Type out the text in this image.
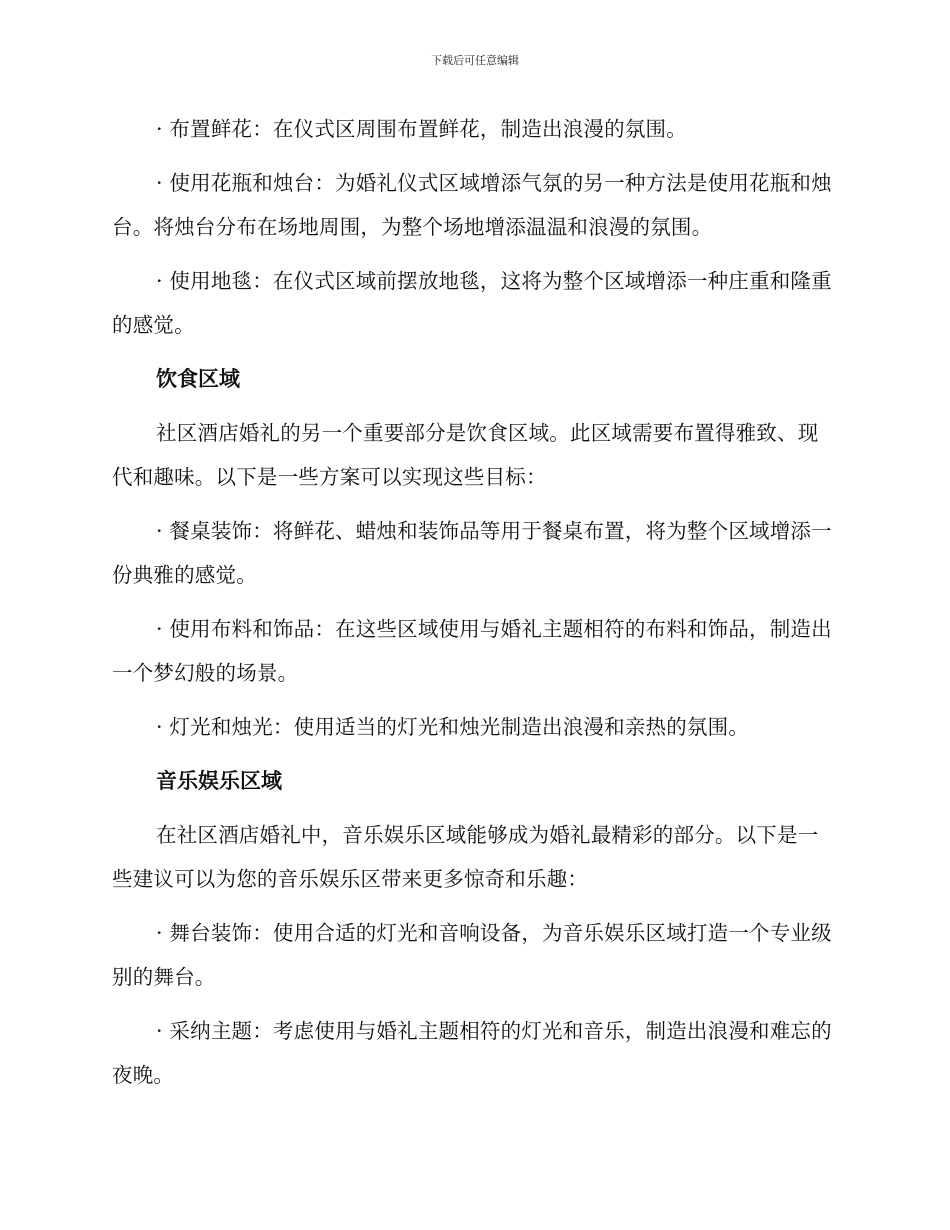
下载后可任意编辑

· 布置鲜花：在仪式区周围布置鲜花，制造出浪漫的氛围。

· 使用花瓶和烛台：为婚礼仪式区域增添气氛的另一种方法是使用花瓶和烛台。将烛台分布在场地周围，为整个场地增添温温和浪漫的氛围。

· 使用地毯：在仪式区域前摆放地毯，这将为整个区域增添一种庄重和隆重的感觉。

饮食区域

社区酒店婚礼的另一个重要部分是饮食区域。此区域需要布置得雅致、现代和趣味。以下是一些方案可以实现这些目标：

· 餐桌装饰：将鲜花、蜡烛和装饰品等用于餐桌布置，将为整个区域增添一份典雅的感觉。

· 使用布料和饰品：在这些区域使用与婚礼主题相符的布料和饰品，制造出一个梦幻般的场景。

· 灯光和烛光：使用适当的灯光和烛光制造出浪漫和亲热的氛围。

音乐娱乐区域

在社区酒店婚礼中，音乐娱乐区域能够成为婚礼最精彩的部分。以下是一些建议可以为您的音乐娱乐区带来更多惊奇和乐趣：

· 舞台装饰：使用合适的灯光和音响设备，为音乐娱乐区域打造一个专业级别的舞台。

· 采纳主题：考虑使用与婚礼主题相符的灯光和音乐，制造出浪漫和难忘的夜晚。
